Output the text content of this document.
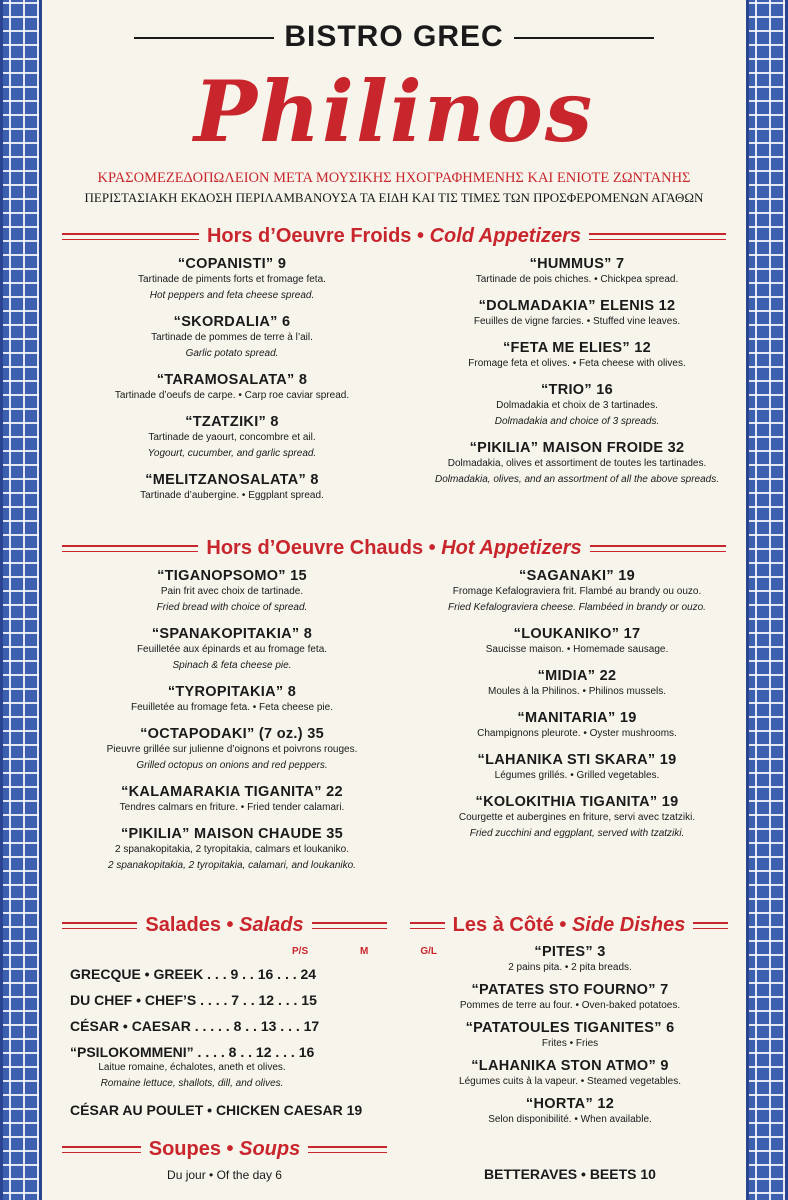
BISTRO GREC
Philinos
ΚΡΑΣΟΜΕΖΕΔΟΠΩΛΕΙΟΝ ΜΕΤΑ ΜΟΥΣΙΚΗΣ ΗΧΟΓΡΑΦΗΜΕΝΗΣ ΚΑΙ ΕΝΙΟΤΕ ΖΩΝΤΑΝΗΣ
ΠΕΡΙΣΤΑΣΙΑΚΗ ΕΚΔΟΣΗ ΠΕΡΙΛΑΜΒΑΝΟΥΣΑ ΤΑ ΕΙΔΗ ΚΑΙ ΤΙΣ ΤΙΜΕΣ ΤΩΝ ΠΡΟΣΦΕΡΟΜΕΝΩΝ ΑΓΑΘΩΝ
Hors d’Oeuvre Froids • Cold Appetizers
“COPANISTI” 9
Tartinade de piments forts et fromage feta.
Hot peppers and feta cheese spread.
“SKORDALIA” 6
Tartinade de pommes de terre à l’ail.
Garlic potato spread.
“TARAMOSALATA” 8
Tartinade d’oeufs de carpe. • Carp roe caviar spread.
“TZATZIKI” 8
Tartinade de yaourt, concombre et ail.
Yogourt, cucumber, and garlic spread.
“MELITZANOSALATA” 8
Tartinade d’aubergine. • Eggplant spread.
“HUMMUS” 7
Tartinade de pois chiches. • Chickpea spread.
“DOLMADAKIA” ELENIS 12
Feuilles de vigne farcies. • Stuffed vine leaves.
“FETA ME ELIES” 12
Fromage feta et olives. • Feta cheese with olives.
“TRIO” 16
Dolmadakia et choix de 3 tartinades.
Dolmadakia and choice of 3 spreads.
“PIKILIA” MAISON FROIDE 32
Dolmadakia, olives et assortiment de toutes les tartinades.
Dolmadakia, olives, and an assortment of all the above spreads.
Hors d’Oeuvre Chauds • Hot Appetizers
“TIGANOPSOMO” 15
Pain frit avec choix de tartinade.
Fried bread with choice of spread.
“SPANAKOPITAKIA” 8
Feuilletée aux épinards et au fromage feta.
Spinach & feta cheese pie.
“TYROPITAKIA” 8
Feuilletée au fromage feta. • Feta cheese pie.
“OCTAPODAKI” (7 oz.) 35
Pieuvre grillée sur julienne d’oignons et poivrons rouges.
Grilled octopus on onions and red peppers.
“KALAMARAKIA TIGANITA” 22
Tendres calmars en friture. • Fried tender calamari.
“PIKILIA” MAISON CHAUDE 35
2 spanakopitakia, 2 tyropitakia, calmars et loukaniko.
2 spanakopitakia, 2 tyropitakia, calamari, and loukaniko.
“SAGANAKI” 19
Fromage Kefalograviera frit. Flambé au brandy ou ouzo.
Fried Kefalograviera cheese. Flambéed in brandy or ouzo.
“LOUKANIKO” 17
Saucisse maison. • Homemade sausage.
“MIDIA” 22
Moules à la Philinos. • Philinos mussels.
“MANITARIA” 19
Champignons pleurote. • Oyster mushrooms.
“LAHANIKA STI SKARA” 19
Légumes grillés. • Grilled vegetables.
“KOLOKITHIA TIGANITA” 19
Courgette et aubergines en friture, servi avec tzatziki.
Fried zucchini and eggplant, served with tzatziki.
Salades • Salads
P/S	M	G/L
GRECQUE • GREEK . . . 9 . . 16 . . . 24
DU CHEF • CHEF’S . . . . 7 . . 12 . . . 15
CÉSAR • CAESAR . . . . . 8 . . 13 . . . 17
“PSILOKOMMENI” . . . . 8 . . 12 . . . 16
Laitue romaine, échalotes, aneth et olives.
Romaine lettuce, shallots, dill, and olives.
CÉSAR AU POULET • CHICKEN CAESAR 19
Soupes • Soups
Du jour • Of the day 6
Les à Côté • Side Dishes
“PITES” 3
2 pains pita. • 2 pita breads.
“PATATES STO FOURNO” 7
Pommes de terre au four. • Oven-baked potatoes.
“PATATOULES TIGANITES” 6
Frites • Fries
“LAHANIKA STON ATMO” 9
Légumes cuits à la vapeur. • Steamed vegetables.
“HORTA” 12
Selon disponibilité. • When available.
BETTERAVES • BEETS 10
